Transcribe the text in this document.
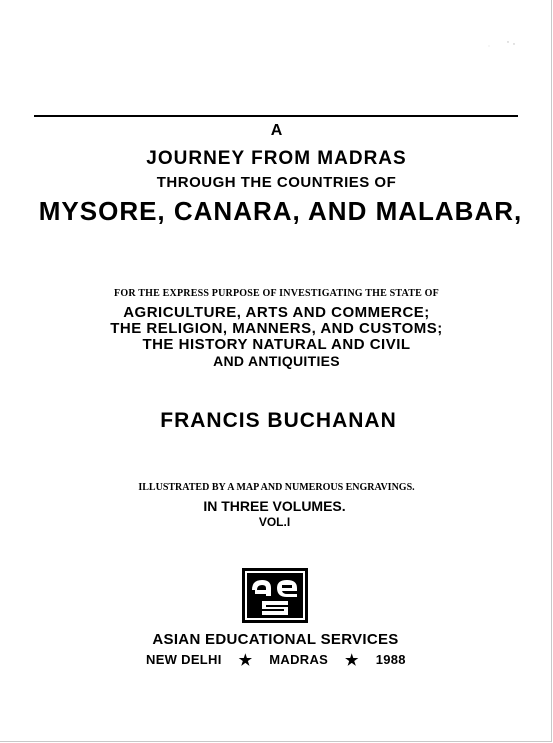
A
JOURNEY FROM MADRAS
THROUGH THE COUNTRIES OF
MYSORE, CANARA, AND MALABAR,
FOR THE EXPRESS PURPOSE OF INVESTIGATING THE STATE OF
AGRICULTURE, ARTS AND COMMERCE;
THE RELIGION, MANNERS, AND CUSTOMS;
THE HISTORY NATURAL AND CIVIL
AND ANTIQUITIES
FRANCIS BUCHANAN
ILLUSTRATED BY A MAP AND NUMEROUS ENGRAVINGS.
IN THREE VOLUMES.
VOL.I
ASIAN EDUCATIONAL SERVICES
NEW DELHI ★ MADRAS ★ 1988
